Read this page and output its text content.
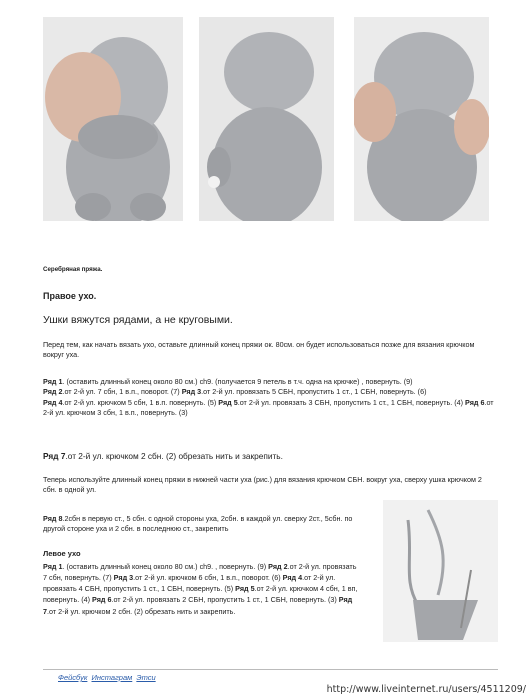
Серебряная пряжа.
Правое ухо.
Ушки вяжутся рядами, а не круговыми.
Перед тем, как начать вязать ухо, оставьте длинный конец пряжи ок. 80см. он будет использоваться позже для вязания крючком вокруг уха.
Ряд 1. (оставить длинный конец около 80 см.) ch9. (получается 9 петель в т.ч. одна на крючке) , повернуть. (9)
Ряд 2.от 2-й ул. 7 сбн, 1 в.п., поворот. (7) Ряд 3.от 2-й ул. провязать 5 СБН, пропустить 1 ст., 1 СБН, повернуть. (6)
Ряд 4.от 2-й ул. крючком 5 сбн, 1 в.п. повернуть. (5) Ряд 5.от 2-й ул. провязать 3 СБН, пропустить 1 ст., 1 СБН, повернуть. (4) Ряд 6.от 2-й ул. крючком 3 сбн, 1 в.п., повернуть. (3)
Ряд 7.от 2-й ул. крючком 2 сбн. (2) обрезать нить и закрепить.
Теперь используйте длинный конец пряжи в нижней части уха (рис.) для вязания крючком СБН. вокруг уха, сверху ушка крючком 2 сбн. в одной ул.
Ряд 8.2сбн в первую ст., 5 сбн. с одной стороны уха, 2сбн. в каждой ул. сверху 2ст., 5сбн. по другой стороне уха и 2 сбн. в последнюю ст., закрепить
Левое ухо
Ряд 1. (оставить длинный конец около 80 см.) ch9. , повернуть. (9) Ряд 2.от 2-й ул. провязать 7 сбн, повернуть. (7) Ряд 3.от 2-й ул. крючком 6 сбн, 1 в.п., поворот. (6) Ряд 4.от 2-й ул. провязать 4 СБН, пропустить 1 ст., 1 СБН, повернуть. (5) Ряд 5.от 2-й ул. крючком 4 сбн, 1 вп, повернуть. (4) Ряд 6.от 2-й ул. провязать 2 СБН, пропустить 1 ст., 1 СБН, повернуть. (3) Ряд 7.от 2-й ул. крючком 2 сбн. (2) обрезать нить и закрепить.
Фейсбук Инстаграм Этси
http://www.liveinternet.ru/users/4511209/
